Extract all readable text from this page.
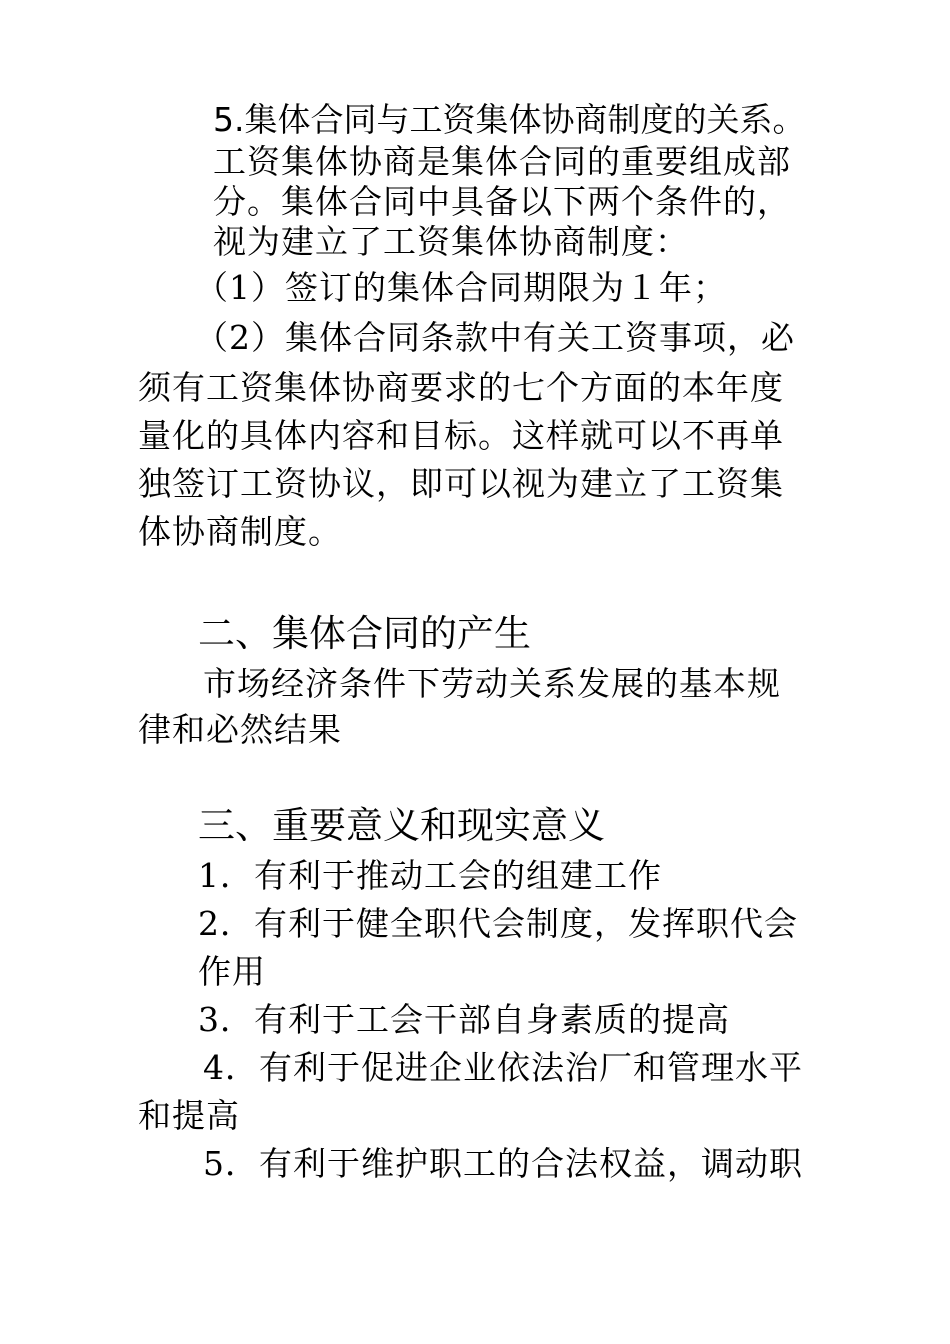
5.集体合同与工资集体协商制度的关系。
工资集体协商是集体合同的重要组成部
分。集体合同中具备以下两个条件的，
视为建立了工资集体协商制度：
（1）签订的集体合同期限为１年；
（2）集体合同条款中有关工资事项，必
须有工资集体协商要求的七个方面的本年度
量化的具体内容和目标。这样就可以不再单
独签订工资协议，即可以视为建立了工资集
体协商制度。
二、集体合同的产生
市场经济条件下劳动关系发展的基本规
律和必然结果
三、重要意义和现实意义
1．有利于推动工会的组建工作
2．有利于健全职代会制度，发挥职代会
作用
3．有利于工会干部自身素质的提高
4．有利于促进企业依法治厂和管理水平
和提高
5．有利于维护职工的合法权益，调动职
